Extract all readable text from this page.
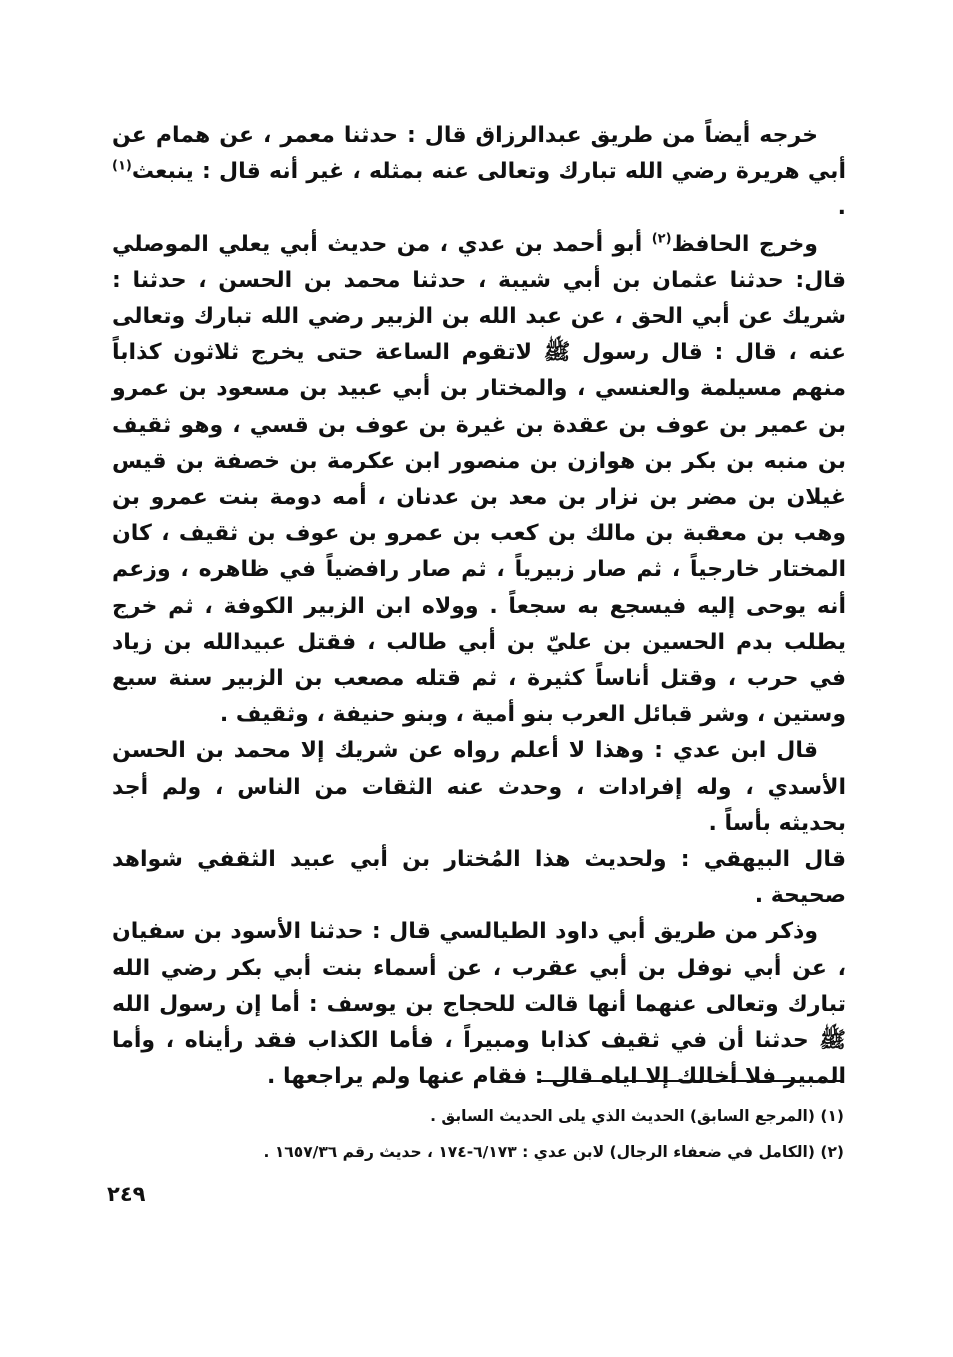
خرجه أيضاً من طريق عبدالرزاق قال : حدثنا معمر ، عن همام عن أبي هريرة رضي الله تبارك وتعالى عنه بمثله ، غير أنه قال : ينبعث$^{(١)}$ .

وخرج الحافظ$^{(٢)}$ أبو أحمد بن عدي ، من حديث أبي يعلي الموصلي قال: حدثنا عثمان بن أبي شيبة ، حدثنا محمد بن الحسن ، حدثنا : شريك عن أبي الحق ، عن عبد الله بن الزبير رضي الله تبارك وتعالى عنه ، قال : قال رسول ﷺ لاتقوم الساعة حتى يخرج ثلاثون كذاباً منهم مسيلمة والعنسي ، والمختار بن أبي عبيد بن مسعود بن عمرو بن عمير بن عوف بن عقدة بن غيرة بن عوف بن قسي ، وهو ثقيف بن منبه بن بكر بن هوازن بن منصور ابن عكرمة بن خصفة بن قيس غيلان بن مضر بن نزار بن معد بن عدنان ، أمه دومة بنت عمرو بن وهب بن معقبة بن مالك بن كعب بن عمرو بن عوف بن ثقيف ، كان المختار خارجياً ، ثم صار زبيرياً ، ثم صار رافضياً في ظاهره ، وزعم أنه يوحى إليه فيسجع به سجعاً . وولاه ابن الزبير الكوفة ، ثم خرج يطلب بدم الحسين بن عليّ بن أبي طالب ، فقتل عبيدالله بن زياد في حرب ، وقتل أناساً كثيرة ، ثم قتله مصعب بن الزبير سنة سبع وستين ، وشر قبائل العرب بنو أمية ، وبنو حنيفة ، وثقيف .

قال ابن عدي : وهذا لا أعلم رواه عن شريك إلا محمد بن الحسن الأسدي ، وله إفرادات ، وحدث عنه الثقات من الناس ، ولم أجد بحديثه بأساً .

قال البيهقي : ولحديث هذا المُختار بن أبي عبيد الثقفي شواهد صحيحة .

وذكر من طريق أبي داود الطيالسي قال : حدثنا الأسود بن سفيان ، عن أبي نوفل بن أبي عقرب ، عن أسماء بنت أبي بكر رضي الله تبارك وتعالى عنهما أنها قالت للحجاج بن يوسف : أما إن رسول الله ﷺ حدثنا أن في ثقيف كذابا ومبيراً ، فأما الكذاب فقد رأيناه ، وأما المبير فلا أخالك إلا اياه قال : فقام عنها ولم يراجعها .

(١) (المرجع السابق) الحديث الذي يلى الحديث السابق .

(٢) (الكامل في ضعفاء الرجال) لابن عدي : ٦/١٧٣-١٧٤ ، حديث رقم ١٦٥٧/٣٦ .

٢٤٩
